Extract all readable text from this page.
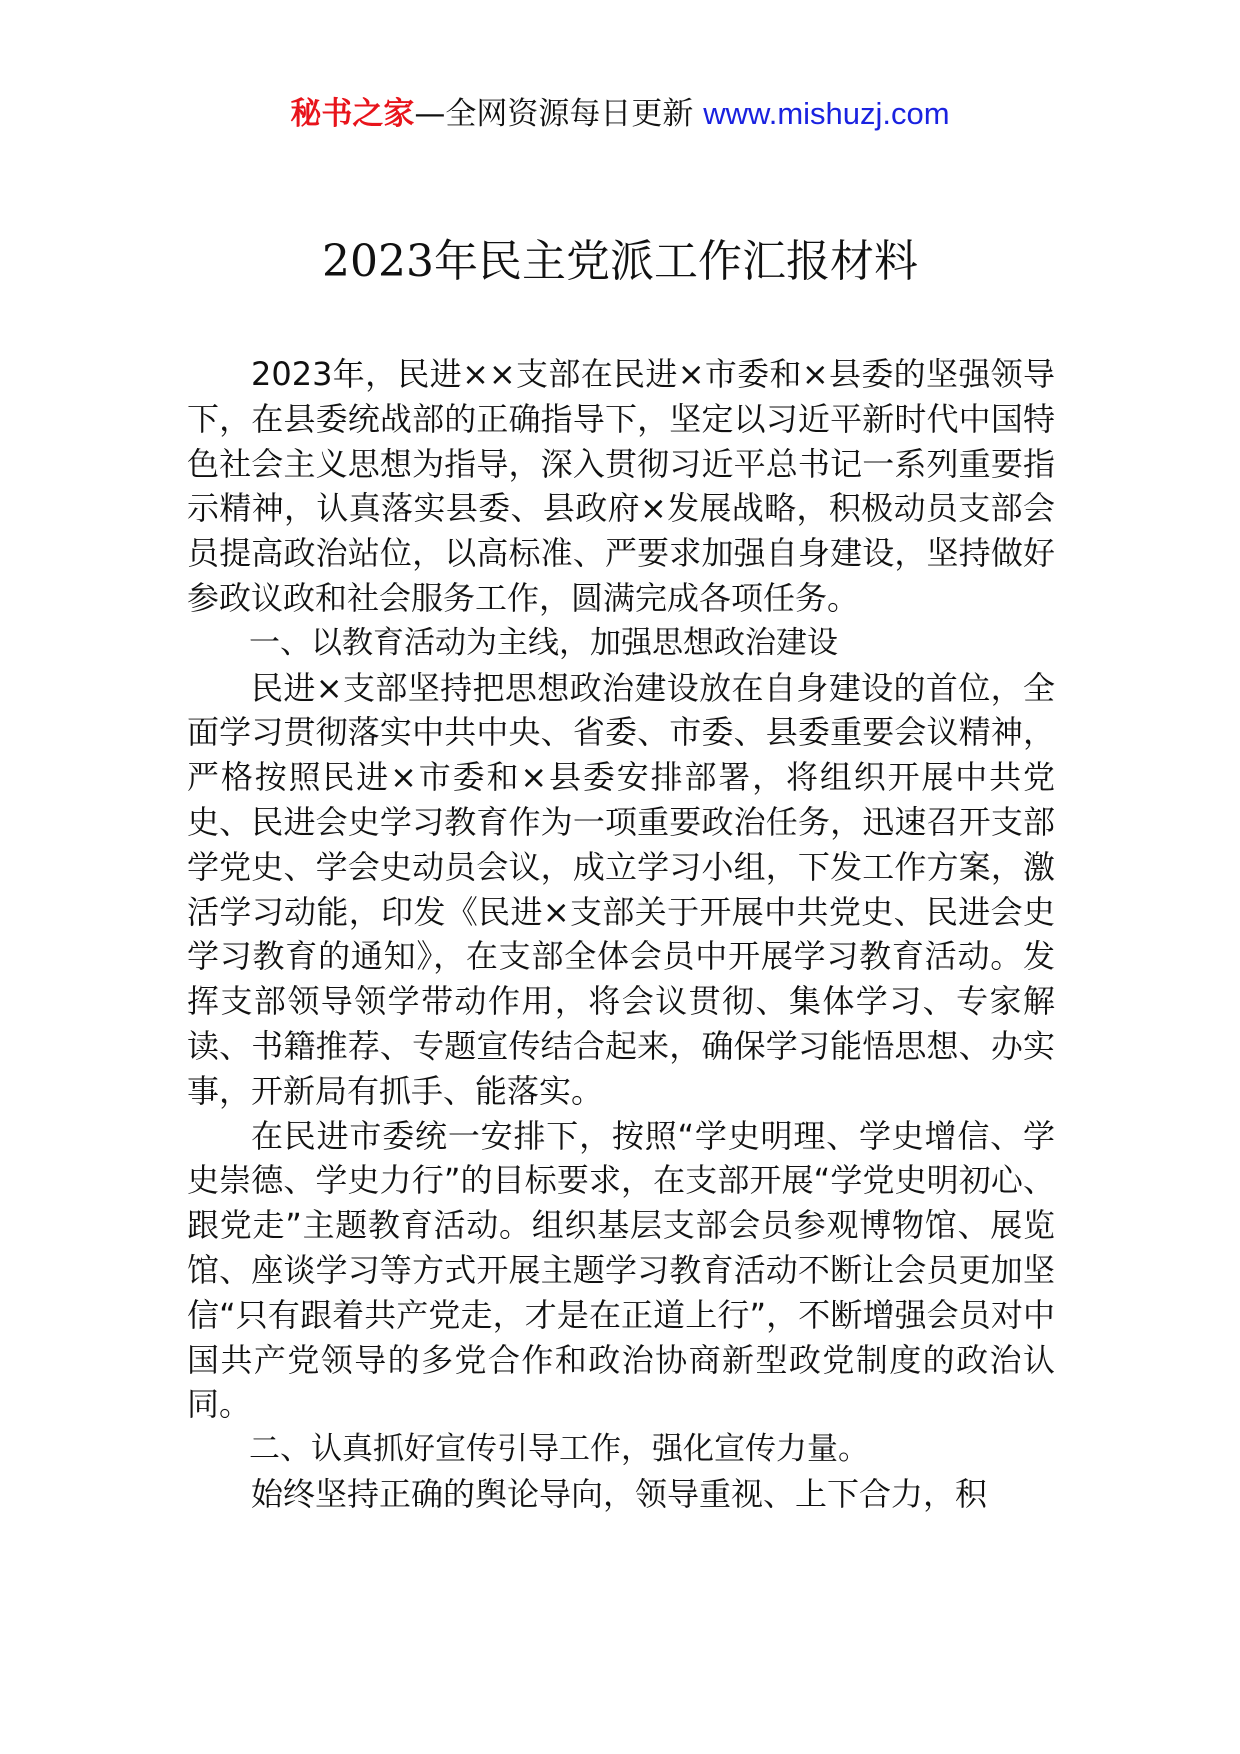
秘书之家—全网资源每日更新 www.mishuzj.com
2023年民主党派工作汇报材料

2023年，民进××支部在民进×市委和×县委的坚强领导下，在县委统战部的正确指导下，坚定以习近平新时代中国特色社会主义思想为指导，深入贯彻习近平总书记一系列重要指示精神，认真落实县委、县政府×发展战略，积极动员支部会员提高政治站位，以高标准、严要求加强自身建设，坚持做好参政议政和社会服务工作，圆满完成各项任务。

一、以教育活动为主线，加强思想政治建设

民进×支部坚持把思想政治建设放在自身建设的首位，全面学习贯彻落实中共中央、省委、市委、县委重要会议精神，严格按照民进×市委和×县委安排部署，将组织开展中共党史、民进会史学习教育作为一项重要政治任务，迅速召开支部学党史、学会史动员会议，成立学习小组，下发工作方案，激活学习动能，印发《民进×支部关于开展中共党史、民进会史学习教育的通知》，在支部全体会员中开展学习教育活动。发挥支部领导领学带动作用，将会议贯彻、集体学习、专家解读、书籍推荐、专题宣传结合起来，确保学习能悟思想、办实事，开新局有抓手、能落实。

在民进市委统一安排下，按照“学史明理、学史增信、学史崇德、学史力行”的目标要求，在支部开展“学党史明初心、跟党走”主题教育活动。组织基层支部会员参观博物馆、展览馆、座谈学习等方式开展主题学习教育活动不断让会员更加坚信“只有跟着共产党走，才是在正道上行”，不断增强会员对中国共产党领导的多党合作和政治协商新型政党制度的政治认同。

二、认真抓好宣传引导工作，强化宣传力量。

始终坚持正确的舆论导向，领导重视、上下合力，积
